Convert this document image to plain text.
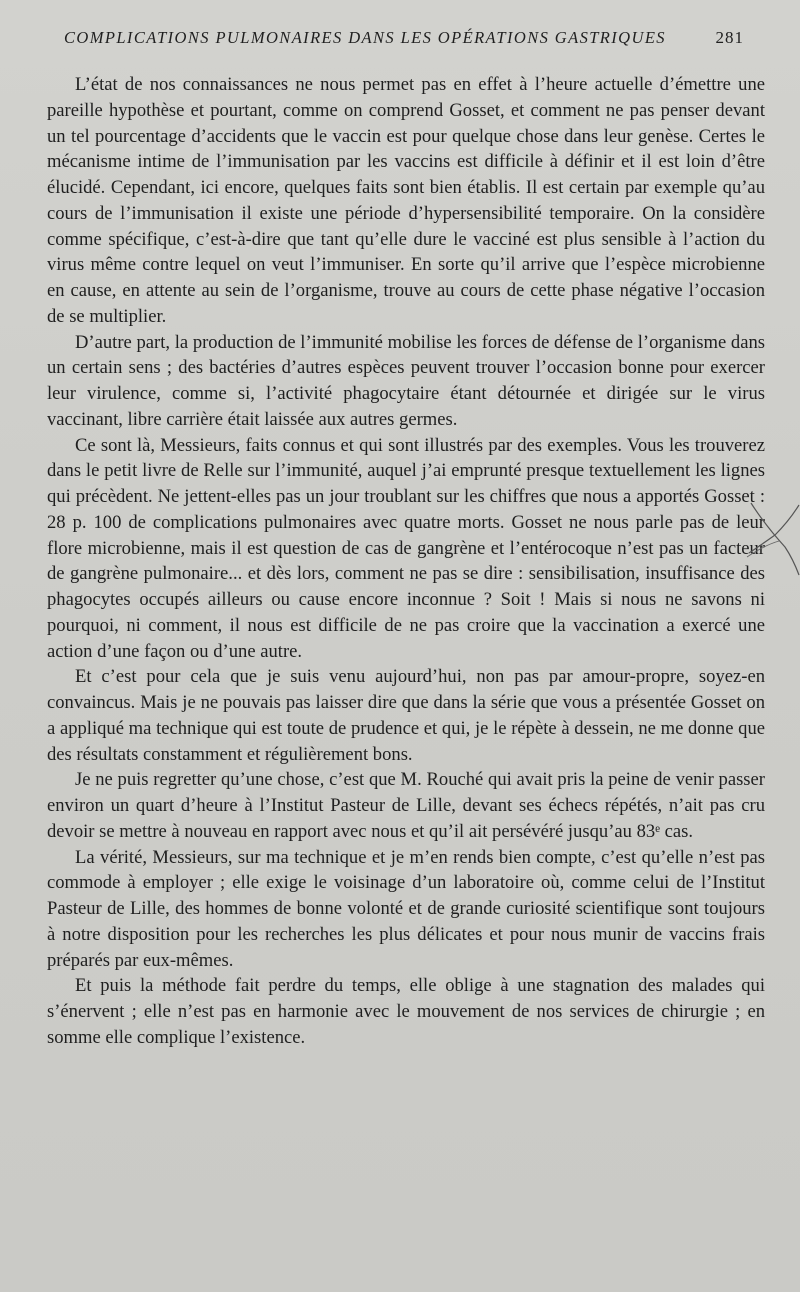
COMPLICATIONS PULMONAIRES DANS LES OPÉRATIONS GASTRIQUES	281

L’état de nos connaissances ne nous permet pas en effet à l’heure actuelle d’émettre une pareille hypothèse et pourtant, comme on comprend Gosset, et comment ne pas penser devant un tel pourcentage d’accidents que le vaccin est pour quelque chose dans leur genèse. Certes le mécanisme intime de l’immunisation par les vaccins est difficile à définir et il est loin d’être élucidé. Cependant, ici encore, quelques faits sont bien établis. Il est certain par exemple qu’au cours de l’immunisation il existe une période d’hypersensibilité temporaire. On la considère comme spécifique, c’est-à-dire que tant qu’elle dure le vacciné est plus sensible à l’action du virus même contre lequel on veut l’immuniser. En sorte qu’il arrive que l’espèce microbienne en cause, en attente au sein de l’organisme, trouve au cours de cette phase négative l’occasion de se multiplier.

D’autre part, la production de l’immunité mobilise les forces de défense de l’organisme dans un certain sens ; des bactéries d’autres espèces peuvent trouver l’occasion bonne pour exercer leur virulence, comme si, l’activité phagocytaire étant détournée et dirigée sur le virus vaccinant, libre carrière était laissée aux autres germes.

Ce sont là, Messieurs, faits connus et qui sont illustrés par des exemples. Vous les trouverez dans le petit livre de Relle sur l’immunité, auquel j’ai emprunté presque textuellement les lignes qui précèdent. Ne jettent-elles pas un jour troublant sur les chiffres que nous a apportés Gosset : 28 p. 100 de complications pulmonaires avec quatre morts. Gosset ne nous parle pas de leur flore microbienne, mais il est question de cas de gangrène et l’entérocoque n’est pas un facteur de gangrène pulmonaire... et dès lors, comment ne pas se dire : sensibilisation, insuffisance des phagocytes occupés ailleurs ou cause encore inconnue ? Soit ! Mais si nous ne savons ni pourquoi, ni comment, il nous est difficile de ne pas croire que la vaccination a exercé une action d’une façon ou d’une autre.

Et c’est pour cela que je suis venu aujourd’hui, non pas par amour-propre, soyez-en convaincus. Mais je ne pouvais pas laisser dire que dans la série que vous a présentée Gosset on a appliqué ma technique qui est toute de prudence et qui, je le répète à dessein, ne me donne que des résultats constamment et régulièrement bons.

Je ne puis regretter qu’une chose, c’est que M. Rouché qui avait pris la peine de venir passer environ un quart d’heure à l’Institut Pasteur de Lille, devant ses échecs répétés, n’ait pas cru devoir se mettre à nouveau en rapport avec nous et qu’il ait persévéré jusqu’au 83ᵉ cas.

La vérité, Messieurs, sur ma technique et je m’en rends bien compte, c’est qu’elle n’est pas commode à employer ; elle exige le voisinage d’un laboratoire où, comme celui de l’Institut Pasteur de Lille, des hommes de bonne volonté et de grande curiosité scientifique sont toujours à notre disposition pour les recherches les plus délicates et pour nous munir de vaccins frais préparés par eux-mêmes.

Et puis la méthode fait perdre du temps, elle oblige à une stagnation des malades qui s’énervent ; elle n’est pas en harmonie avec le mouvement de nos services de chirurgie ; en somme elle complique l’existence.
